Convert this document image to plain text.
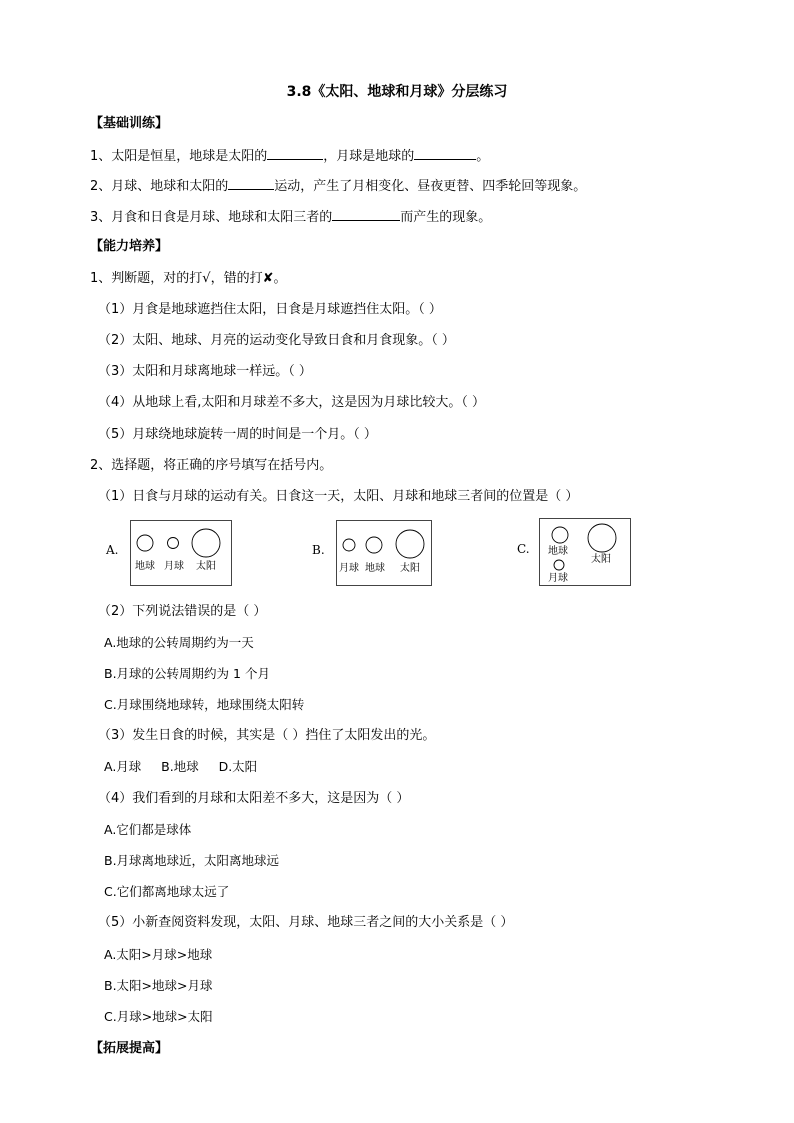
3.8《太阳、地球和月球》分层练习
【基础训练】
1、太阳是恒星，地球是太阳的	，月球是地球的	。
2、月球、地球和太阳的	运动，产生了月相变化、昼夜更替、四季轮回等现象。
3、月食和日食是月球、地球和太阳三者的	而产生的现象。
【能力培养】
1、判断题，对的打√，错的打✘。
（1）月食是地球遮挡住太阳，日食是月球遮挡住太阳。（ ）
（2）太阳、地球、月亮的运动变化导致日食和月食现象。（ ）
（3）太阳和月球离地球一样远。（ ）
（4）从地球上看,太阳和月球差不多大，这是因为月球比较大。（ ）
（5）月球绕地球旋转一周的时间是一个月。（ ）
2、选择题，将正确的序号填写在括号内。
（1）日食与月球的运动有关。日食这一天，太阳、月球和地球三者间的位置是（ ）
A.
地球 月球 太阳
B.
月球 地球 太阳
C. 地球
太阳
月球
（2）下列说法错误的是（ ）
A.地球的公转周期约为一天
B.月球的公转周期约为 1 个月
C.月球围绕地球转，地球围绕太阳转
（3）发生日食的时候，其实是（ ）挡住了太阳发出的光。
A.月球     B.地球     D.太阳
（4）我们看到的月球和太阳差不多大，这是因为（ ）
A.它们都是球体
B.月球离地球近，太阳离地球远
C.它们都离地球太远了
（5）小新查阅资料发现，太阳、月球、地球三者之间的大小关系是（ ）
A.太阳>月球>地球
B.太阳>地球>月球
C.月球>地球>太阳
【拓展提高】
